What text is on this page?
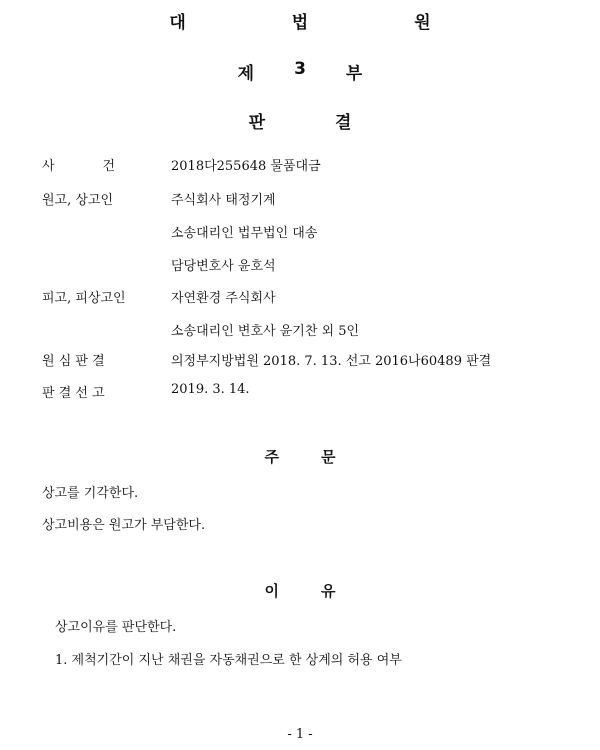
대	법	원
제 3 부
판	결
사	건	2018다255648 물품대금
원고, 상고인	주식회사 태정기계
소송대리인 법무법인 대송
담당변호사 윤호석
피고, 피상고인	자연환경 주식회사
소송대리인 변호사 윤기찬 외 5인
원 심 판 결	의정부지방법원 2018. 7. 13. 선고 2016나60489 판결
판 결 선 고	2019. 3. 14.
주	문
상고를 기각한다.
상고비용은 원고가 부담한다.
이	유
상고이유를 판단한다.
1. 제척기간이 지난 채권을 자동채권으로 한 상계의 허용 여부
- 1 -
